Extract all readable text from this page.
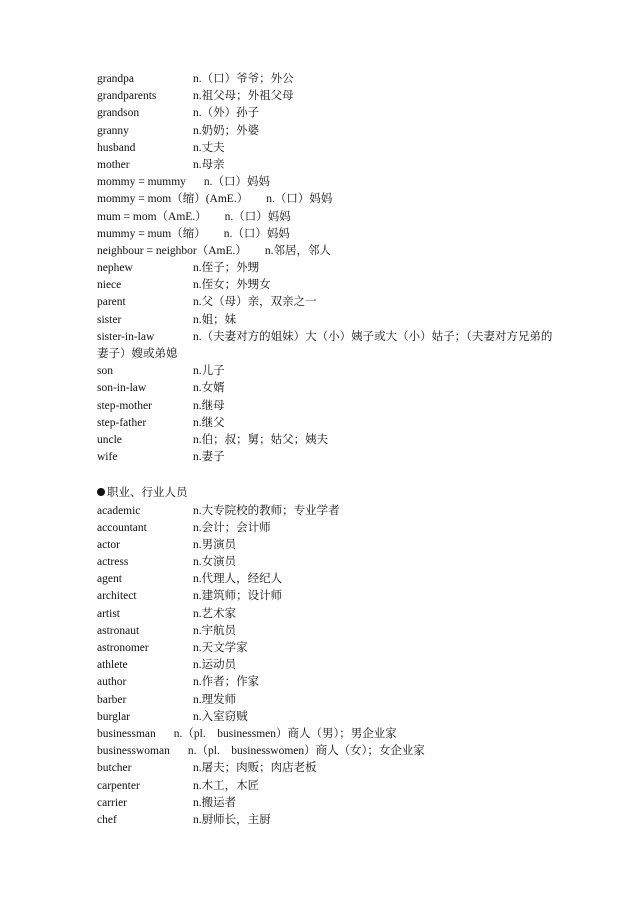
grandpa	n.（口）爷爷；外公
grandparents	n.祖父母；外祖父母
grandson	n.（外）孙子
granny	n.奶奶；外婆
husband	n.丈夫
mother	n.母亲
mommy = mummy n.（口）妈妈
mommy = mom（缩）(AmE.） n.（口）妈妈
mum = mom（AmE.） n.（口）妈妈
mummy = mum（缩） n.（口）妈妈
neighbour = neighbor（AmE.） n.邻居，邻人
nephew	n.侄子；外甥
niece	n.侄女；外甥女
parent	n.父（母）亲，双亲之一
sister	n.姐；妹
sister-in-law	n.（夫妻对方的姐妹）大（小）姨子或大（小）姑子；（夫妻对方兄弟的妻子）嫂或弟媳
son	n.儿子
son-in-law	n.女婿
step-mother	n.继母
step-father	n.继父
uncle	n.伯；叔；舅；姑父；姨夫
wife	n.妻子
职业、行业人员
academic	n.大专院校的教师；专业学者
accountant	n.会计；会计师
actor	n.男演员
actress	n.女演员
agent	n.代理人，经纪人
architect	n.建筑师；设计师
artist	n.艺术家
astronaut	n.宇航员
astronomer	n.天文学家
athlete	n.运动员
author	n.作者；作家
barber	n.理发师
burglar	n.入室窃贼
businessman n.（pl.　businessmen）商人（男）；男企业家
businesswoman n.（pl.　businesswomen）商人（女）；女企业家
butcher	n.屠夫；肉贩；肉店老板
carpenter	n.木工，木匠
carrier	n.搬运者
chef	n.厨师长，主厨
